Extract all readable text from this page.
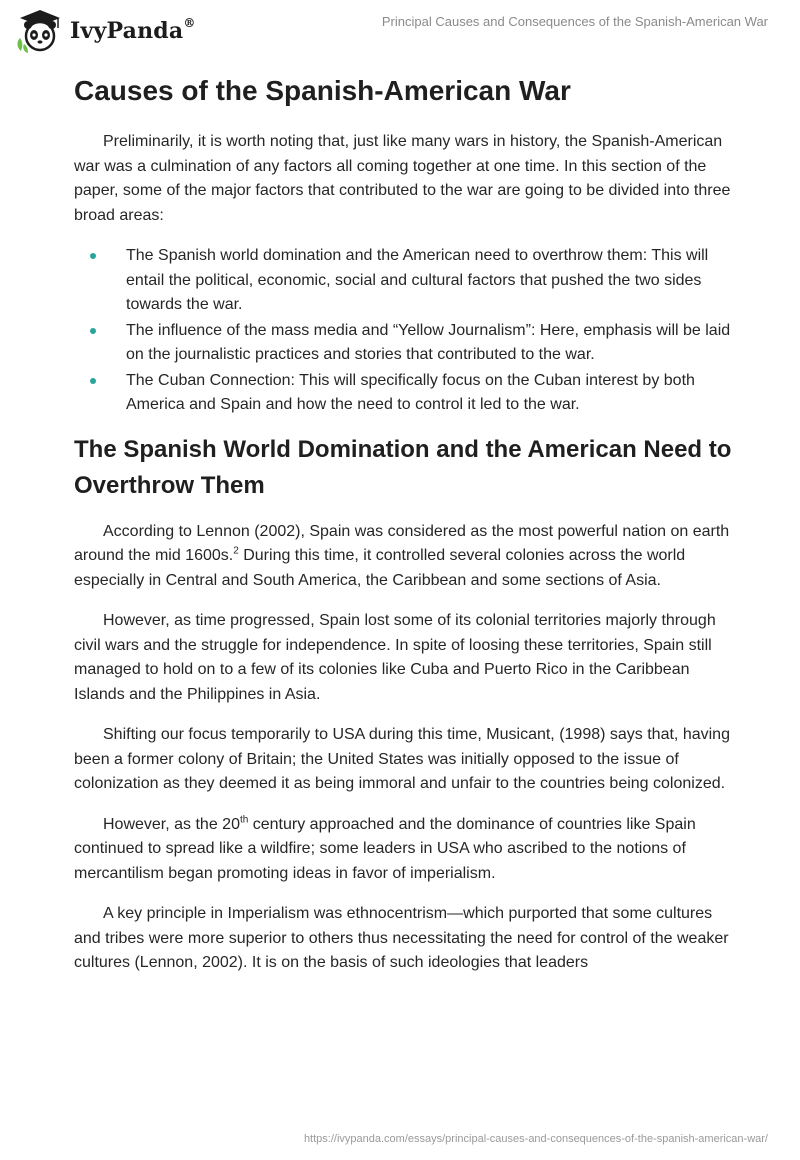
IvyPanda®	Principal Causes and Consequences of the Spanish-American War
Causes of the Spanish-American War

Preliminarily, it is worth noting that, just like many wars in history, the Spanish-American war was a culmination of any factors all coming together at one time. In this section of the paper, some of the major factors that contributed to the war are going to be divided into three broad areas:

The Spanish world domination and the American need to overthrow them: This will entail the political, economic, social and cultural factors that pushed the two sides towards the war.
The influence of the mass media and “Yellow Journalism”: Here, emphasis will be laid on the journalistic practices and stories that contributed to the war.
The Cuban Connection: This will specifically focus on the Cuban interest by both America and Spain and how the need to control it led to the war.
The Spanish World Domination and the American Need to Overthrow Them

According to Lennon (2002), Spain was considered as the most powerful nation on earth around the mid 1600s.$^2$ During this time, it controlled several colonies across the world especially in Central and South America, the Caribbean and some sections of Asia.

However, as time progressed, Spain lost some of its colonial territories majorly through civil wars and the struggle for independence. In spite of loosing these territories, Spain still managed to hold on to a few of its colonies like Cuba and Puerto Rico in the Caribbean Islands and the Philippines in Asia.

Shifting our focus temporarily to USA during this time, Musicant, (1998) says that, having been a former colony of Britain; the United States was initially opposed to the issue of colonization as they deemed it as being immoral and unfair to the countries being colonized.

However, as the 20th century approached and the dominance of countries like Spain continued to spread like a wildfire; some leaders in USA who ascribed to the notions of mercantilism began promoting ideas in favor of imperialism.

A key principle in Imperialism was ethnocentrism—which purported that some cultures and tribes were more superior to others thus necessitating the need for control of the weaker cultures (Lennon, 2002). It is on the basis of such ideologies that leaders

https://ivypanda.com/essays/principal-causes-and-consequences-of-the-spanish-american-war/
